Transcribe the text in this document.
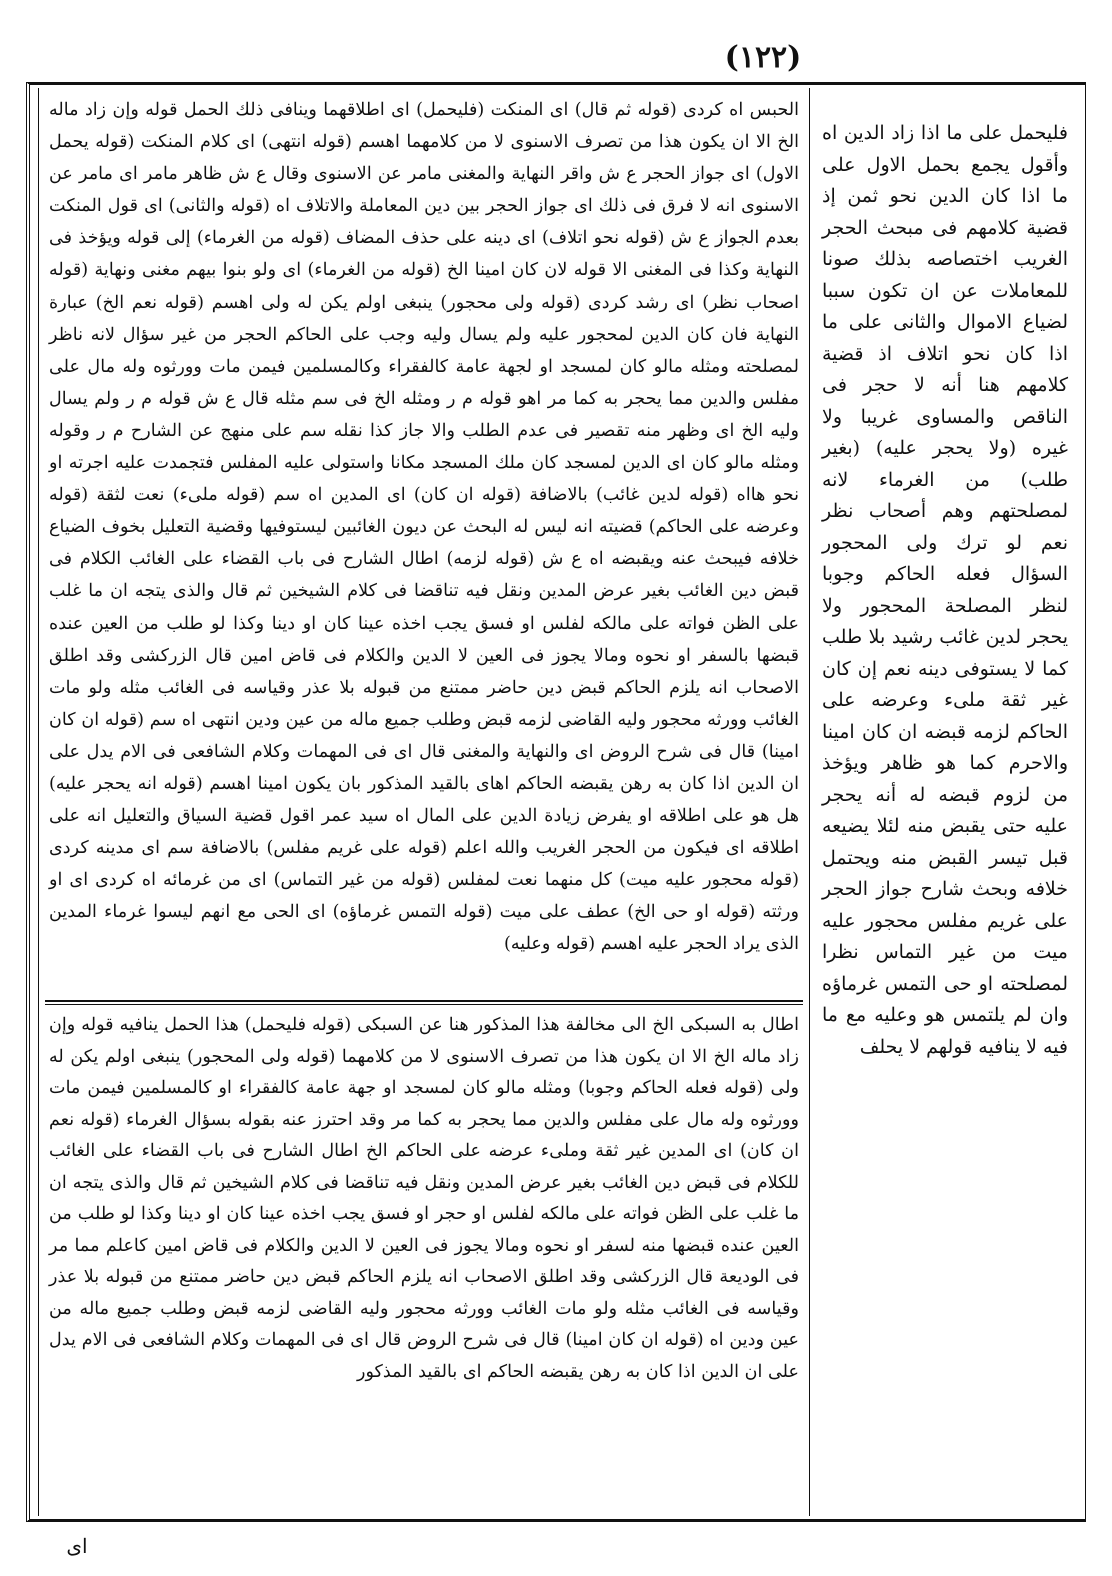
(١٢٢)
الحبس اه كردى (قوله ثم قال) اى المنكت (فليحمل) اى اطلاقهما وينافى ذلك الحمل قوله وإن زاد ماله الخ الا ان يكون هذا من تصرف الاسنوى لا من كلامهما اهسم (قوله انتهى) اى كلام المنكت (قوله يحمل الاول) اى جواز الحجر ع ش واقر النهاية والمغنى مامر عن الاسنوى وقال ع ش ظاهر مامر اى مامر عن الاسنوى انه لا فرق فى ذلك اى جواز الحجر بين دين المعاملة والاتلاف اه (قوله والثانى) اى قول المنكت بعدم الجواز ع ش (قوله نحو اتلاف) اى دينه على حذف المضاف (قوله من الغرماء) إلى قوله ويؤخذ فى النهاية وكذا فى المغنى الا قوله لان كان امينا الخ (قوله من الغرماء) اى ولو بنوا بيهم مغنى ونهاية (قوله اصحاب نظر) اى رشد كردى (قوله ولى محجور) ينبغى اولم يكن له ولى اهسم (قوله نعم الخ) عبارة النهاية فان كان الدين لمحجور عليه ولم يسال وليه وجب على الحاكم الحجر من غير سؤال لانه ناظر لمصلحته ومثله مالو كان لمسجد او لجهة عامة كالفقراء وكالمسلمين فيمن مات وورثوه وله مال على مفلس والدين مما يحجر به كما مر اهو قوله م ر ومثله الخ فى سم مثله قال ع ش قوله م ر ولم يسال وليه الخ اى وظهر منه تقصير فى عدم الطلب والا جاز كذا نقله سم على منهج عن الشارح م ر وقوله ومثله مالو كان اى الدين لمسجد كان ملك المسجد مكانا واستولى عليه المفلس فتجمدت عليه اجرته او نحو هااه (قوله لدين غائب) بالاضافة (قوله ان كان) اى المدين اه سم (قوله ملىء) نعت لثقة (قوله وعرضه على الحاكم) قضيته انه ليس له البحث عن ديون الغائبين ليستوفيها وقضية التعليل بخوف الضياع خلافه فيبحث عنه ويقبضه اه ع ش (قوله لزمه) اطال الشارح فى باب القضاء على الغائب الكلام فى قبض دين الغائب بغير عرض المدين ونقل فيه تناقضا فى كلام الشيخين ثم قال والذى يتجه ان ما غلب على الظن فواته على مالكه لفلس او فسق يجب اخذه عينا كان او دينا وكذا لو طلب من العين عنده قبضها بالسفر او نحوه ومالا يجوز فى العين لا الدين والكلام فى قاض امين قال الزركشى وقد اطلق الاصحاب انه يلزم الحاكم قبض دين حاضر ممتنع من قبوله بلا عذر وقياسه فى الغائب مثله ولو مات الغائب وورثه محجور وليه القاضى لزمه قبض وطلب جميع ماله من عين ودين انتهى اه سم (قوله ان كان امينا) قال فى شرح الروض اى والنهاية والمغنى قال اى فى المهمات وكلام الشافعى فى الام يدل على ان الدين اذا كان به رهن يقبضه الحاكم اهاى بالقيد المذكور بان يكون امينا اهسم (قوله انه يحجر عليه) هل هو على اطلاقه او يفرض زيادة الدين على المال اه سيد عمر اقول قضية السياق والتعليل انه على اطلاقه اى فيكون من الحجر الغريب والله اعلم (قوله على غريم مفلس) بالاضافة سم اى مدينه كردى (قوله محجور عليه ميت) كل منهما نعت لمفلس (قوله من غير التماس) اى من غرمائه اه كردى اى او ورثته (قوله او حى الخ) عطف على ميت (قوله التمس غرماؤه) اى الحى مع انهم ليسوا غرماء المدين الذى يراد الحجر عليه اهسم (قوله وعليه)
اطال به السبكى الخ الى مخالفة هذا المذكور هنا عن السبكى (قوله فليحمل) هذا الحمل ينافيه قوله وإن زاد ماله الخ الا ان يكون هذا من تصرف الاسنوى لا من كلامهما (قوله ولى المحجور) ينبغى اولم يكن له ولى (قوله فعله الحاكم وجوبا) ومثله مالو كان لمسجد او جهة عامة كالفقراء او كالمسلمين فيمن مات وورثوه وله مال على مفلس والدين مما يحجر به كما مر وقد احترز عنه بقوله بسؤال الغرماء (قوله نعم ان كان) اى المدين غير ثقة وملىء عرضه على الحاكم الخ اطال الشارح فى باب القضاء على الغائب للكلام فى قبض دين الغائب بغير عرض المدين ونقل فيه تناقضا فى كلام الشيخين ثم قال والذى يتجه ان ما غلب على الظن فواته على مالكه لفلس او حجر او فسق يجب اخذه عينا كان او دينا وكذا لو طلب من العين عنده قبضها منه لسفر او نحوه ومالا يجوز فى العين لا الدين والكلام فى قاض امين كاعلم مما مر فى الوديعة قال الزركشى وقد اطلق الاصحاب انه يلزم الحاكم قبض دين حاضر ممتنع من قبوله بلا عذر وقياسه فى الغائب مثله ولو مات الغائب وورثه محجور وليه القاضى لزمه قبض وطلب جميع ماله من عين ودين اه (قوله ان كان امينا) قال فى شرح الروض قال اى فى المهمات وكلام الشافعى فى الام يدل على ان الدين اذا كان به رهن يقبضه الحاكم اى بالقيد المذكور
فليحمل على ما اذا زاد الدين اه وأقول يجمع بحمل الاول على ما اذا كان الدين نحو ثمن إذ قضية كلامهم فى مبحث الحجر الغريب اختصاصه بذلك صونا للمعاملات عن ان تكون سببا لضياع الاموال والثانى على ما اذا كان نحو اتلاف اذ قضية كلامهم هنا أنه لا حجر فى الناقص والمساوى غريبا ولا غيره (ولا يحجر عليه) (بغير طلب) من الغرماء لانه لمصلحتهم وهم أصحاب نظر نعم لو ترك ولى المحجور السؤال فعله الحاكم وجوبا لنظر المصلحة المحجور ولا يحجر لدين غائب رشيد بلا طلب كما لا يستوفى دينه نعم إن كان غير ثقة ملىء وعرضه على الحاكم لزمه قبضه ان كان امينا والاحرم كما هو ظاهر ويؤخذ من لزوم قبضه له أنه يحجر عليه حتى يقبض منه لئلا يضيعه قبل تيسر القبض منه ويحتمل خلافه وبحث شارح جواز الحجر على غريم مفلس محجور عليه ميت من غير التماس نظرا لمصلحته او حى التمس غرماؤه وان لم يلتمس هو وعليه مع ما فيه لا ينافيه قولهم لا يحلف
اى
